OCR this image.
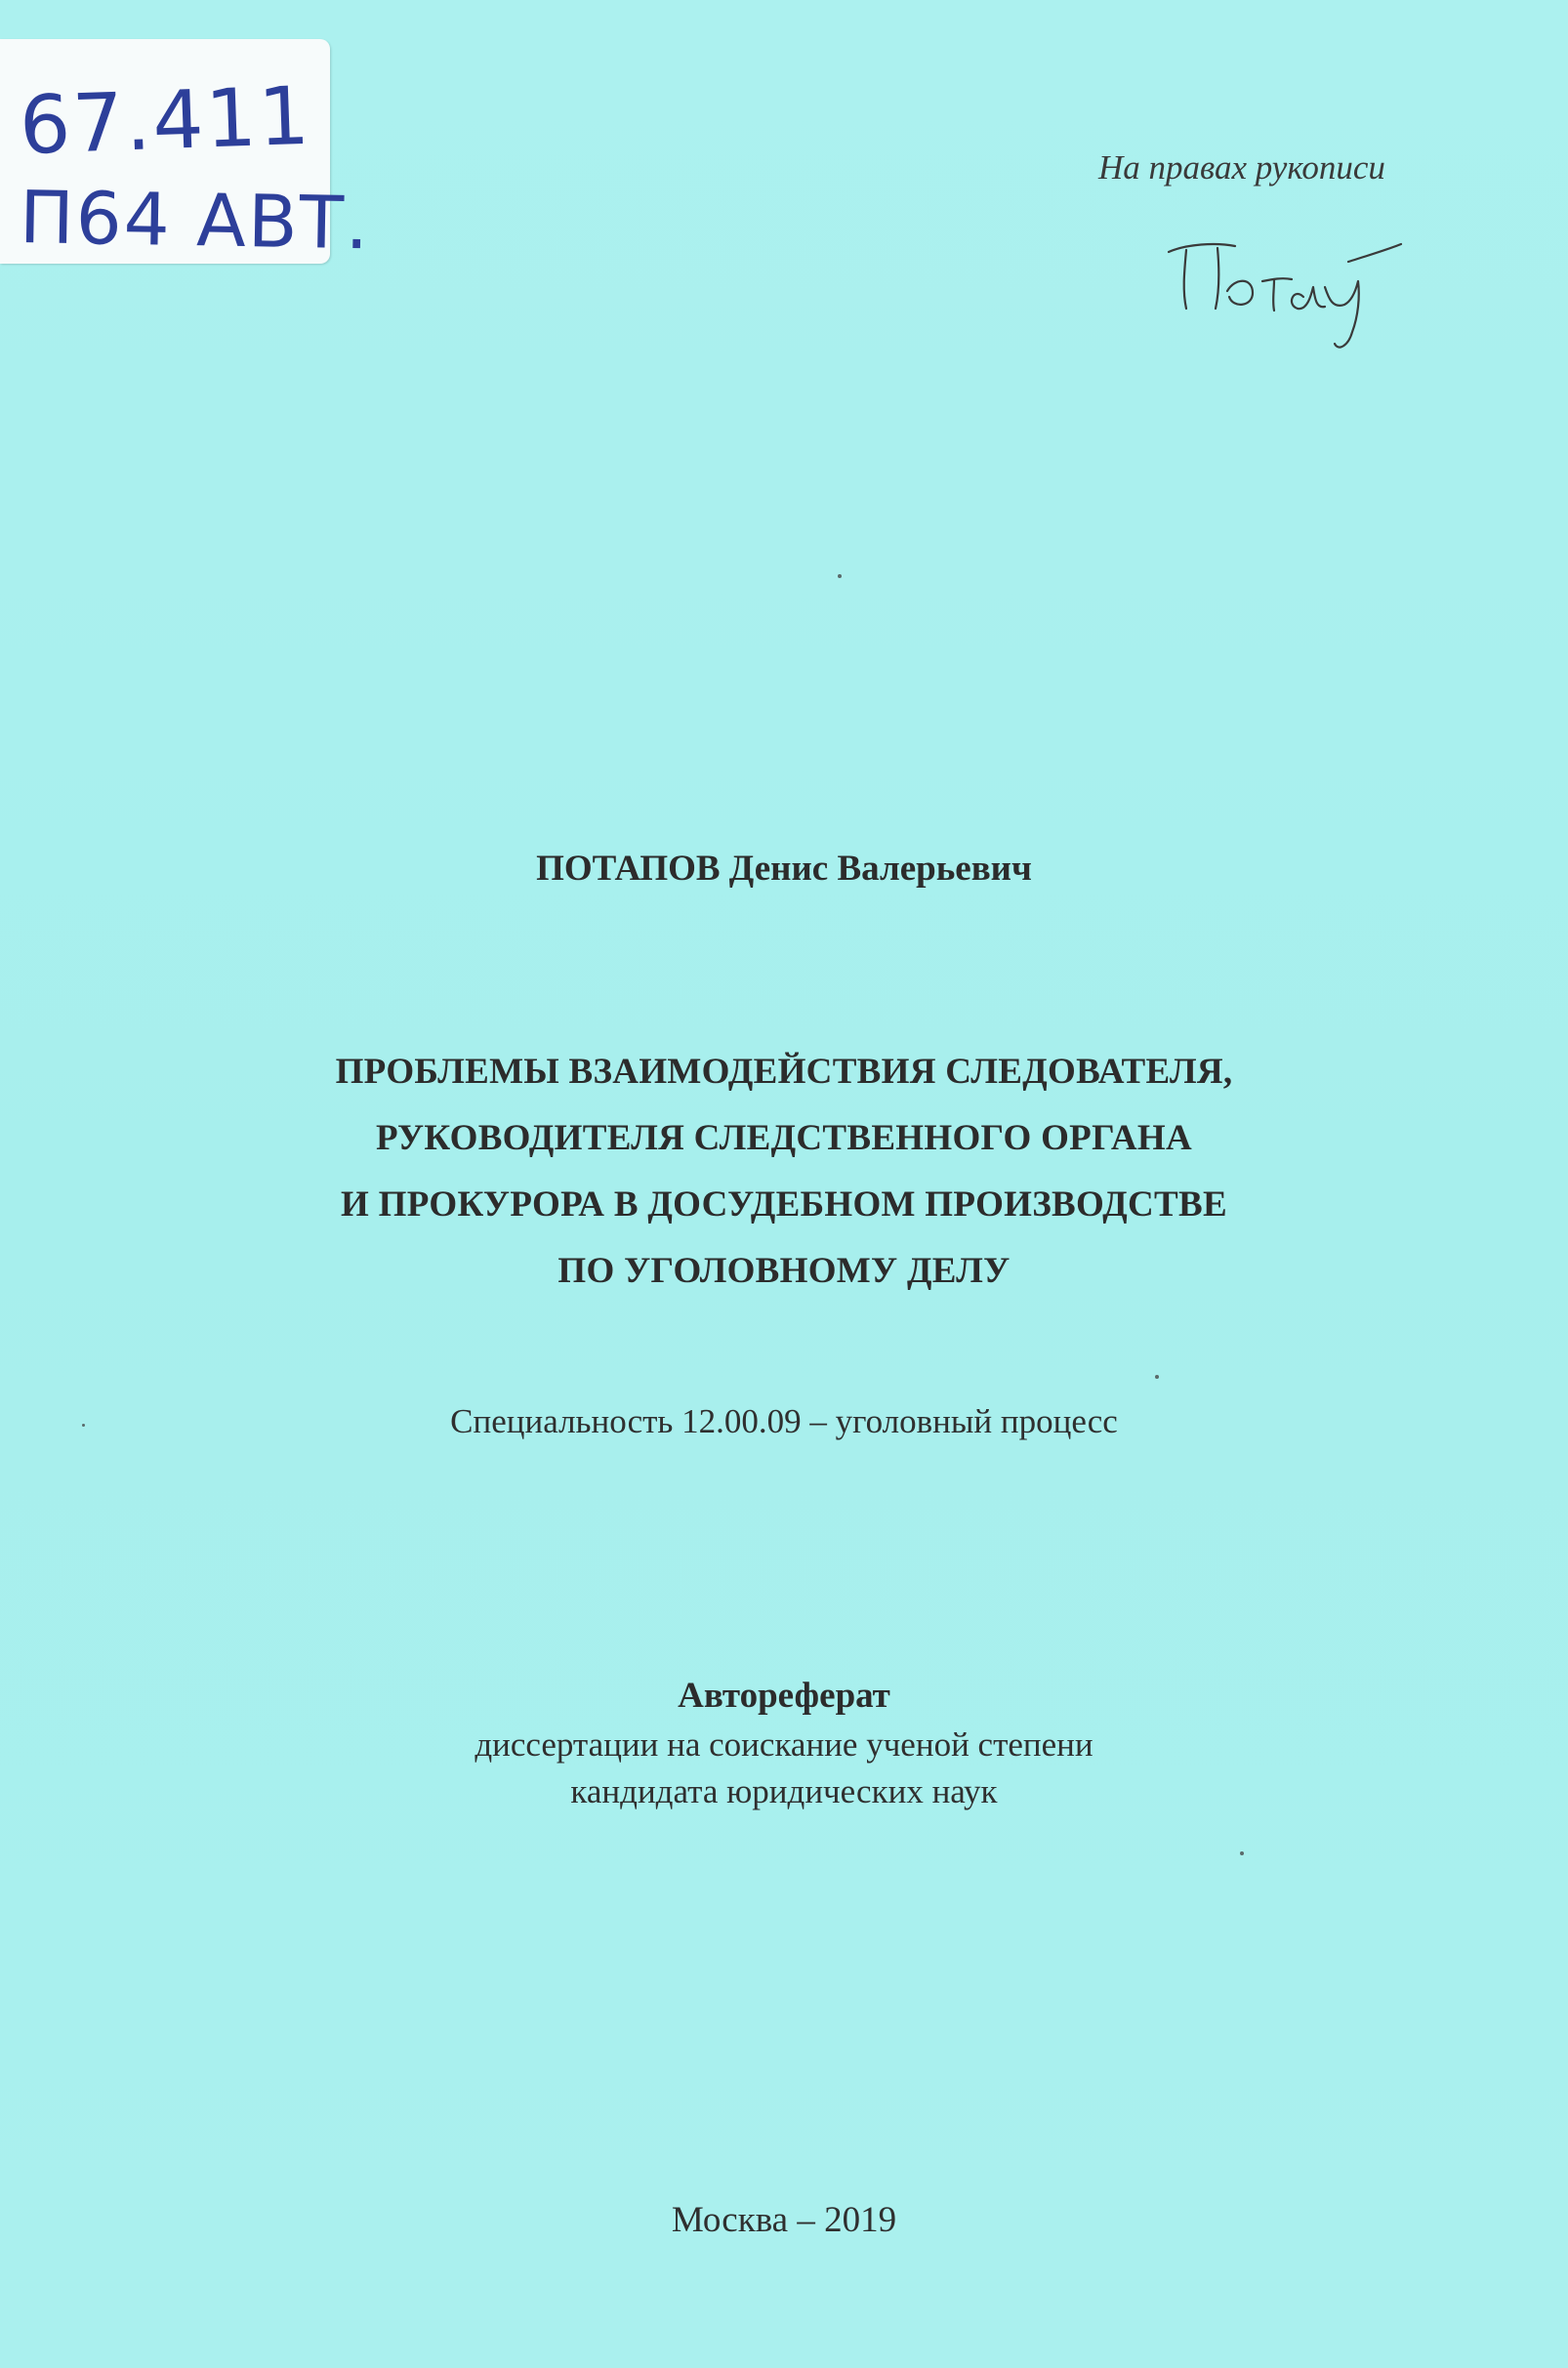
67.411
П64 АВТ.
На правах рукописи
ПОТАПОВ Денис Валерьевич
ПРОБЛЕМЫ ВЗАИМОДЕЙСТВИЯ СЛЕДОВАТЕЛЯ,
РУКОВОДИТЕЛЯ СЛЕДСТВЕННОГО ОРГАНА
И ПРОКУРОРА В ДОСУДЕБНОМ ПРОИЗВОДСТВЕ
ПО УГОЛОВНОМУ ДЕЛУ
Специальность 12.00.09 – уголовный процесс
Автореферат
диссертации на соискание ученой степени
кандидата юридических наук
Москва – 2019
